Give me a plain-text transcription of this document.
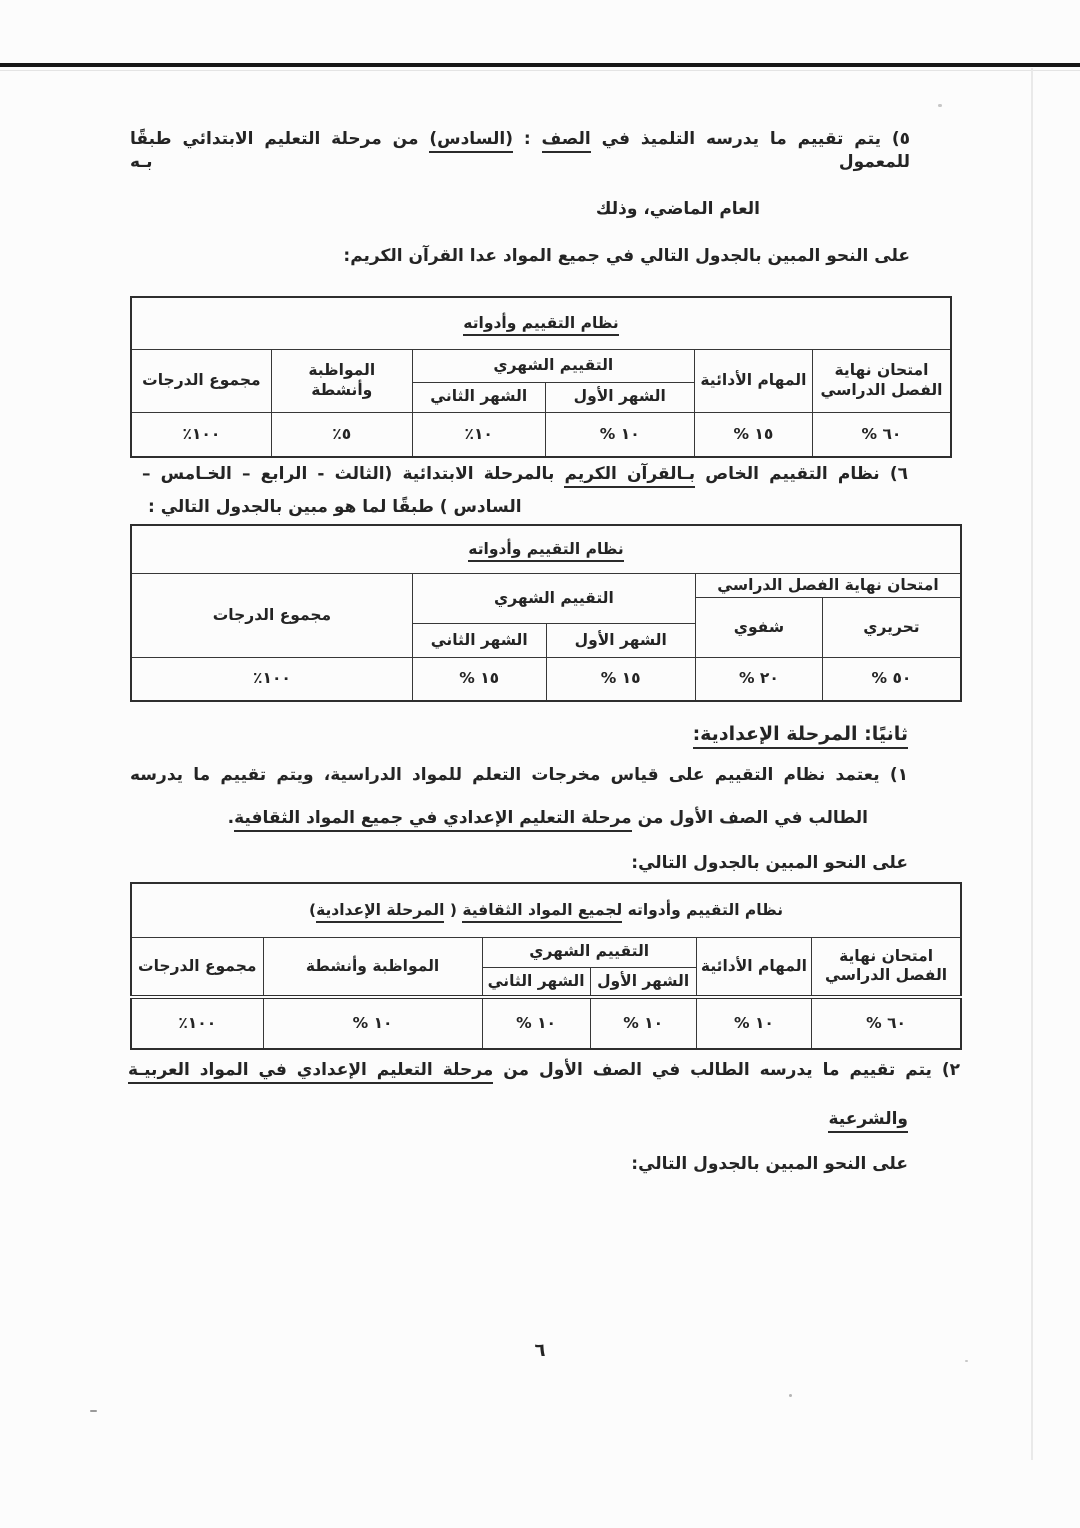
٥) يتم تقييم ما يدرسه التلميذ في الصف : (السادس) من مرحلة التعليم الابتدائي طبقًا للمعمول بـه
العام الماضي، وذلك
على النحو المبين بالجدول التالي في جميع المواد عدا القرآن الكريم:
نظام التقييم وأدواته					
امتحان نهاية الفصل الدراسي	المهام الأدائية	التقييم الشهري		المواظبة وأنشطة	مجموع الدرجات
		الشهر الأول	الشهر الثاني		
٦٠ %	١٥ %	١٠ %	١٠٪	٥٪	١٠٠٪
٦) نظام التقييم الخاص بـالقرآن الكريم بالمرحلة الابتدائية (الثالث - الرابع – الخـامس –
السادس ) طبقًا لما هو مبين بالجدول التالي :
نظام التقييم وأدواته				
امتحان نهاية الفصل الدراسي		التقييم الشهري		مجموع الدرجات
تحريري	شفوي			
		الشهر الأول	الشهر الثاني	
٥٠ %	٢٠ %	١٥ %	١٥ %	١٠٠٪
ثانيًا: المرحلة الإعدادية:
١) يعتمد نظام التقييم على قياس مخرجات التعلم للمواد الدراسية، ويتم تقييم ما يدرسه
الطالب في الصف الأول من مرحلة التعليم الإعدادي في جميع المواد الثقافية.
على النحو المبين بالجدول التالي:
نظام التقييم وأدواته لجميع المواد الثقافية ( المرحلة الإعدادية)					
امتحان نهاية الفصل الدراسي	المهام الأدائية	التقييم الشهري		المواظبة وأنشطة	مجموع الدرجات
		الشهر الأول	الشهر الثاني		
٦٠ %	١٠ %	١٠ %	١٠ %	١٠ %	١٠٠٪
٢) يتم تقييم ما يدرسه الطالب في الصف الأول من مرحلة التعليم الإعدادي في المواد العربيـة
والشرعية
على النحو المبين بالجدول التالي:
٦
